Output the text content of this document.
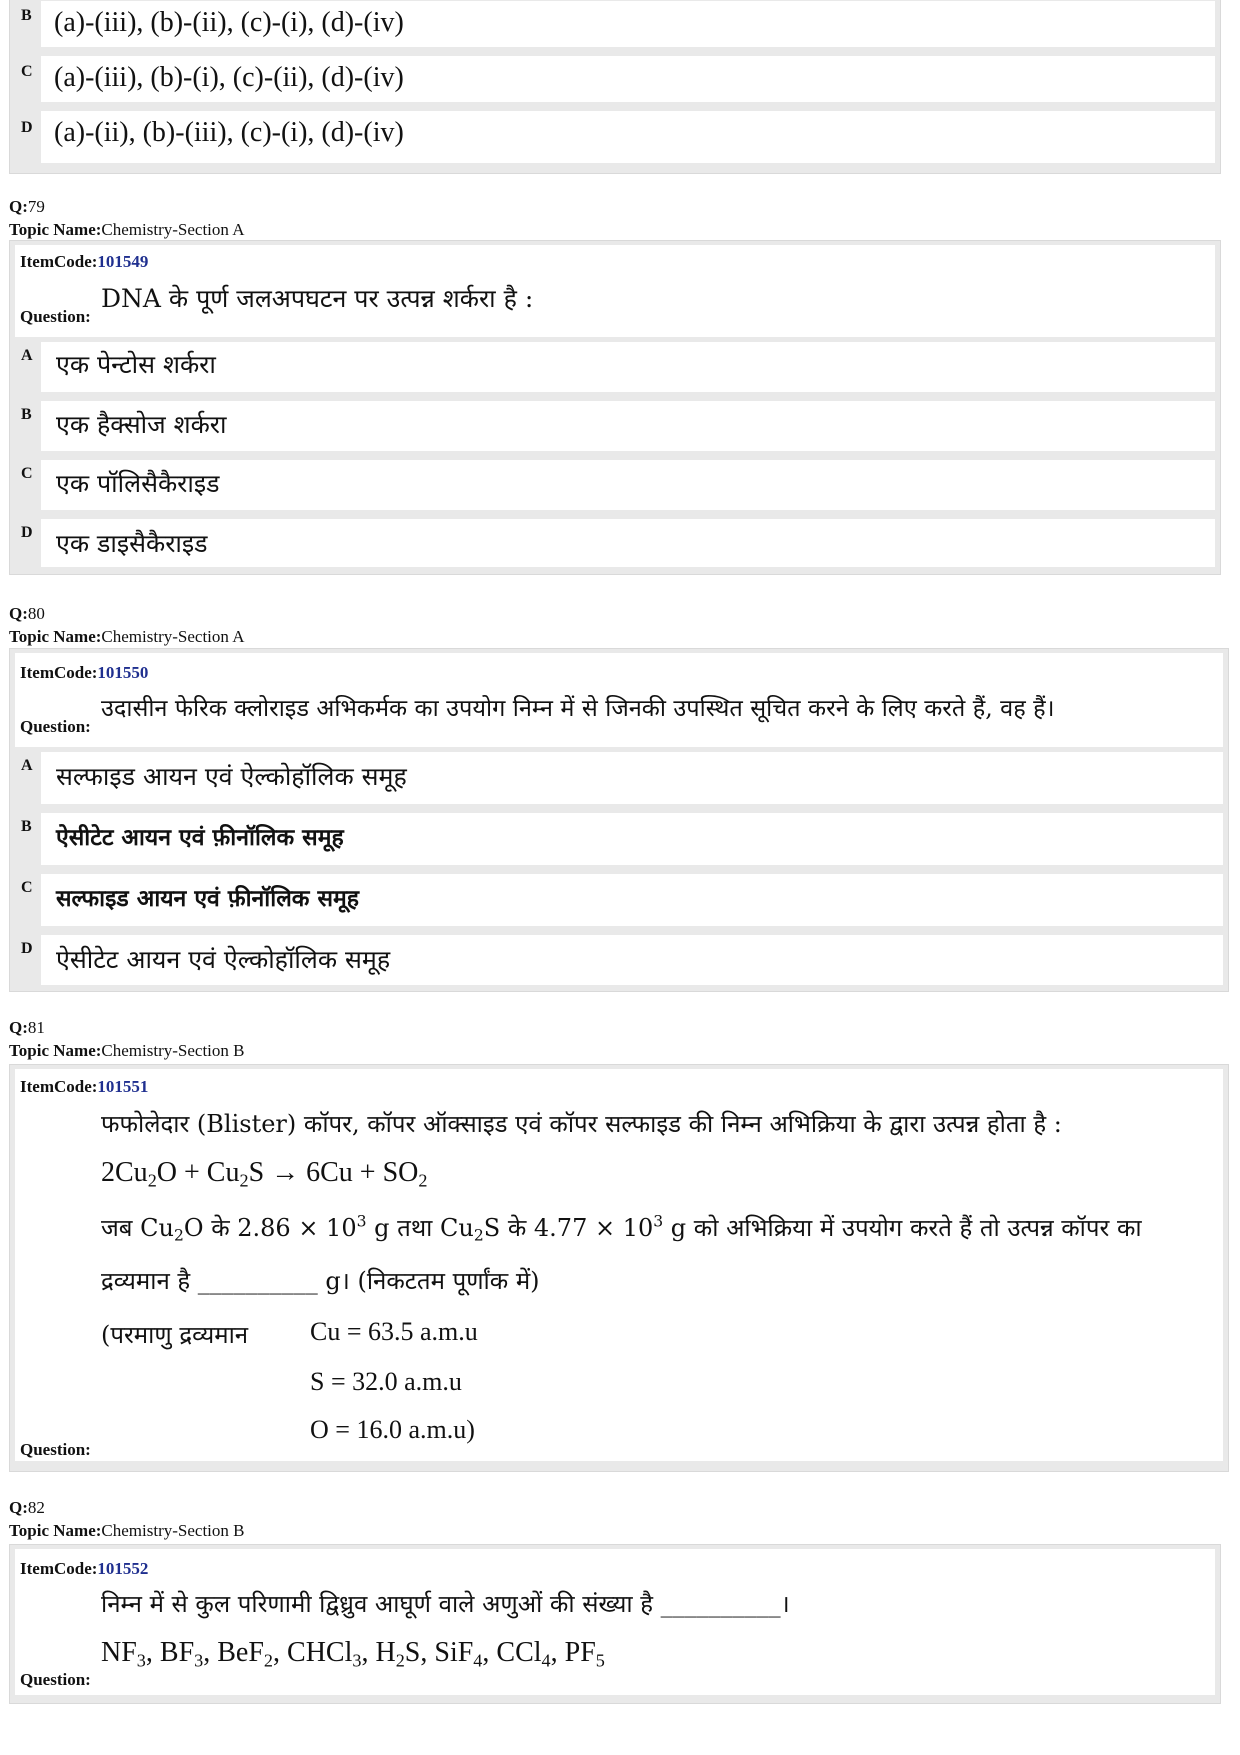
B (a)-(iii), (b)-(ii), (c)-(i), (d)-(iv)
C (a)-(iii), (b)-(i), (c)-(ii), (d)-(iv)
D (a)-(ii), (b)-(iii), (c)-(i), (d)-(iv)
Q:79
Topic Name:Chemistry-Section A
ItemCode:101549
DNA के पूर्ण जलअपघटन पर उत्पन्न शर्करा है :
Question:
A एक पेन्टोस शर्करा
B एक हैक्सोज शर्करा
C एक पॉलिसैकैराइड
D एक डाइसैकैराइड
Q:80
Topic Name:Chemistry-Section A
ItemCode:101550
उदासीन फेरिक क्लोराइड अभिकर्मक का उपयोग निम्न में से जिनकी उपस्थित सूचित करने के लिए करते हैं, वह हैं।
Question:
A सल्फाइड आयन एवं ऐल्कोहॉलिक समूह
B ऐसीटेट आयन एवं फ़ीनॉलिक समूह
C सल्फाइड आयन एवं फ़ीनॉलिक समूह
D ऐसीटेट आयन एवं ऐल्कोहॉलिक समूह
Q:81
Topic Name:Chemistry-Section B
ItemCode:101551
फफोलेदार (Blister) कॉपर, कॉपर ऑक्साइड एवं कॉपर सल्फाइड की निम्न अभिक्रिया के द्वारा उत्पन्न होता है :
$2Cu_2O + Cu_2S \to 6Cu + SO_2$
जब $Cu_2O$ के $2.86 \times 10^3$ g तथा $Cu_2S$ के $4.77 \times 10^3$ g को अभिक्रिया में उपयोग करते हैं तो उत्पन्न कॉपर का
द्रव्यमान है __________ g। (निकटतम पूर्णांक में)
(परमाणु द्रव्यमान Cu = 63.5 a.m.u
S = 32.0 a.m.u
O = 16.0 a.m.u)
Question:
Q:82
Topic Name:Chemistry-Section B
ItemCode:101552
निम्न में से कुल परिणामी द्विध्रुव आघूर्ण वाले अणुओं की संख्या है __________।
$NF_3$, $BF_3$, BeF$_2$, CHCl$_3$, $H_2S$, SiF$_4$, CCl$_4$, $PF_5$
Question:
